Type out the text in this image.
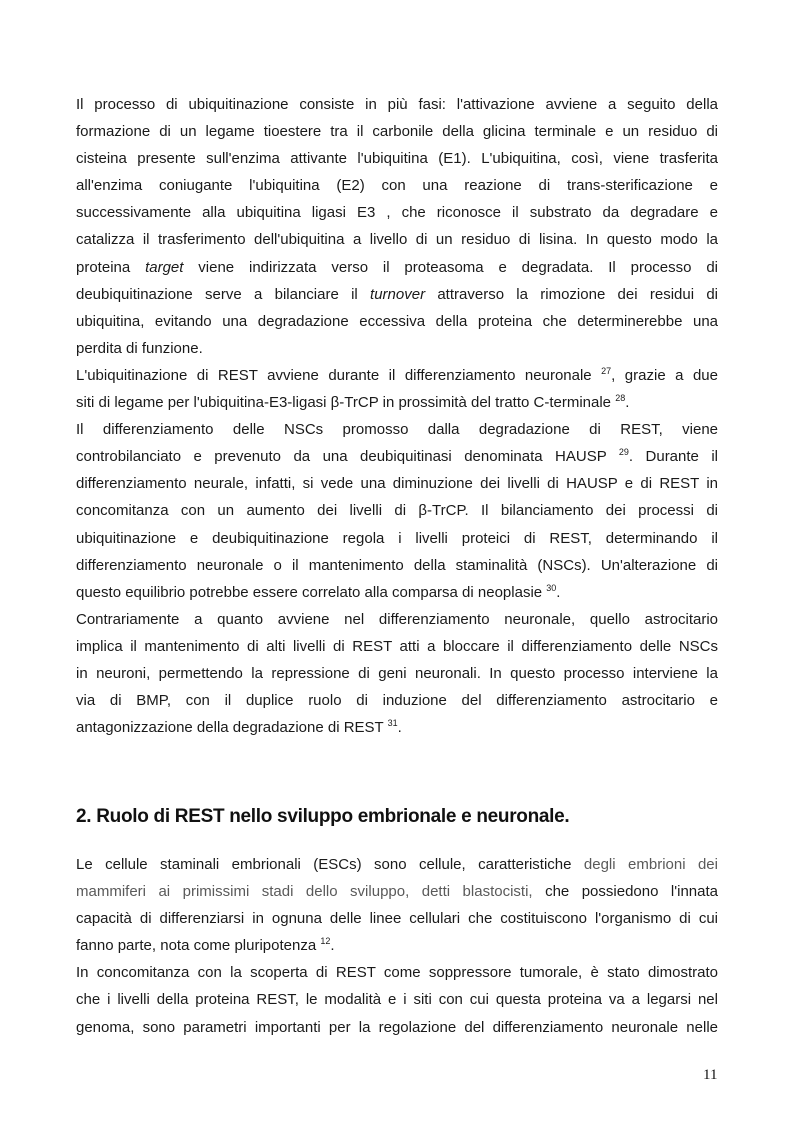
Il processo di ubiquitinazione consiste in più fasi: l'attivazione avviene a seguito della
formazione di un legame tioestere tra il carbonile della glicina terminale e un residuo di
cisteina presente sull'enzima attivante l'ubiquitina (E1). L'ubiquitina, così, viene trasferita
all'enzima coniugante l'ubiquitina (E2) con una reazione di trans-sterificazione e
successivamente alla ubiquitina ligasi E3 , che riconosce il substrato da degradare e
catalizza il trasferimento dell'ubiquitina a livello di un residuo di lisina. In questo modo la
proteina target viene indirizzata verso il proteasoma e degradata. Il processo di
deubiquitinazione serve a bilanciare il turnover attraverso la rimozione dei residui di
ubiquitina, evitando una degradazione eccessiva della proteina che determinerebbe una
perdita di funzione.
L'ubiquitinazione di REST avviene durante il differenziamento neuronale $^{27}$, grazie a due
siti di legame per l'ubiquitina-E3-ligasi β-TrCP in prossimità del tratto C-terminale $^{28}$.
Il differenziamento delle NSCs promosso dalla degradazione di REST, viene
controbilanciato e prevenuto da una deubiquitinasi denominata HAUSP $^{29}$. Durante il
differenziamento neurale, infatti, si vede una diminuzione dei livelli di HAUSP e di REST in
concomitanza con un aumento dei livelli di β-TrCP. Il bilanciamento dei processi di
ubiquitinazione e deubiquitinazione regola i livelli proteici di REST, determinando il
differenziamento neuronale o il mantenimento della staminalità (NSCs). Un'alterazione di
questo equilibrio potrebbe essere correlato alla comparsa di neoplasie $^{30}$.
Contrariamente a quanto avviene nel differenziamento neuronale, quello astrocitario
implica il mantenimento di alti livelli di REST atti a bloccare il differenziamento delle NSCs
in neuroni, permettendo la repressione di geni neuronali. In questo processo interviene la
via di BMP, con il duplice ruolo di induzione del differenziamento astrocitario e
antagonizzazione della degradazione di REST $^{31}$.
2. Ruolo di REST nello sviluppo embrionale e neuronale.
Le cellule staminali embrionali (ESCs) sono cellule, caratteristiche degli embrioni dei
mammiferi ai primissimi stadi dello sviluppo, detti blastocisti, che possiedono l'innata
capacità di differenziarsi in ognuna delle linee cellulari che costituiscono l'organismo di cui
fanno parte, nota come pluripotenza $^{12}$.
In concomitanza con la scoperta di REST come soppressore tumorale, è stato dimostrato
che i livelli della proteina REST, le modalità e i siti con cui questa proteina va a legarsi nel
genoma, sono parametri importanti per la regolazione del differenziamento neuronale nelle
11
